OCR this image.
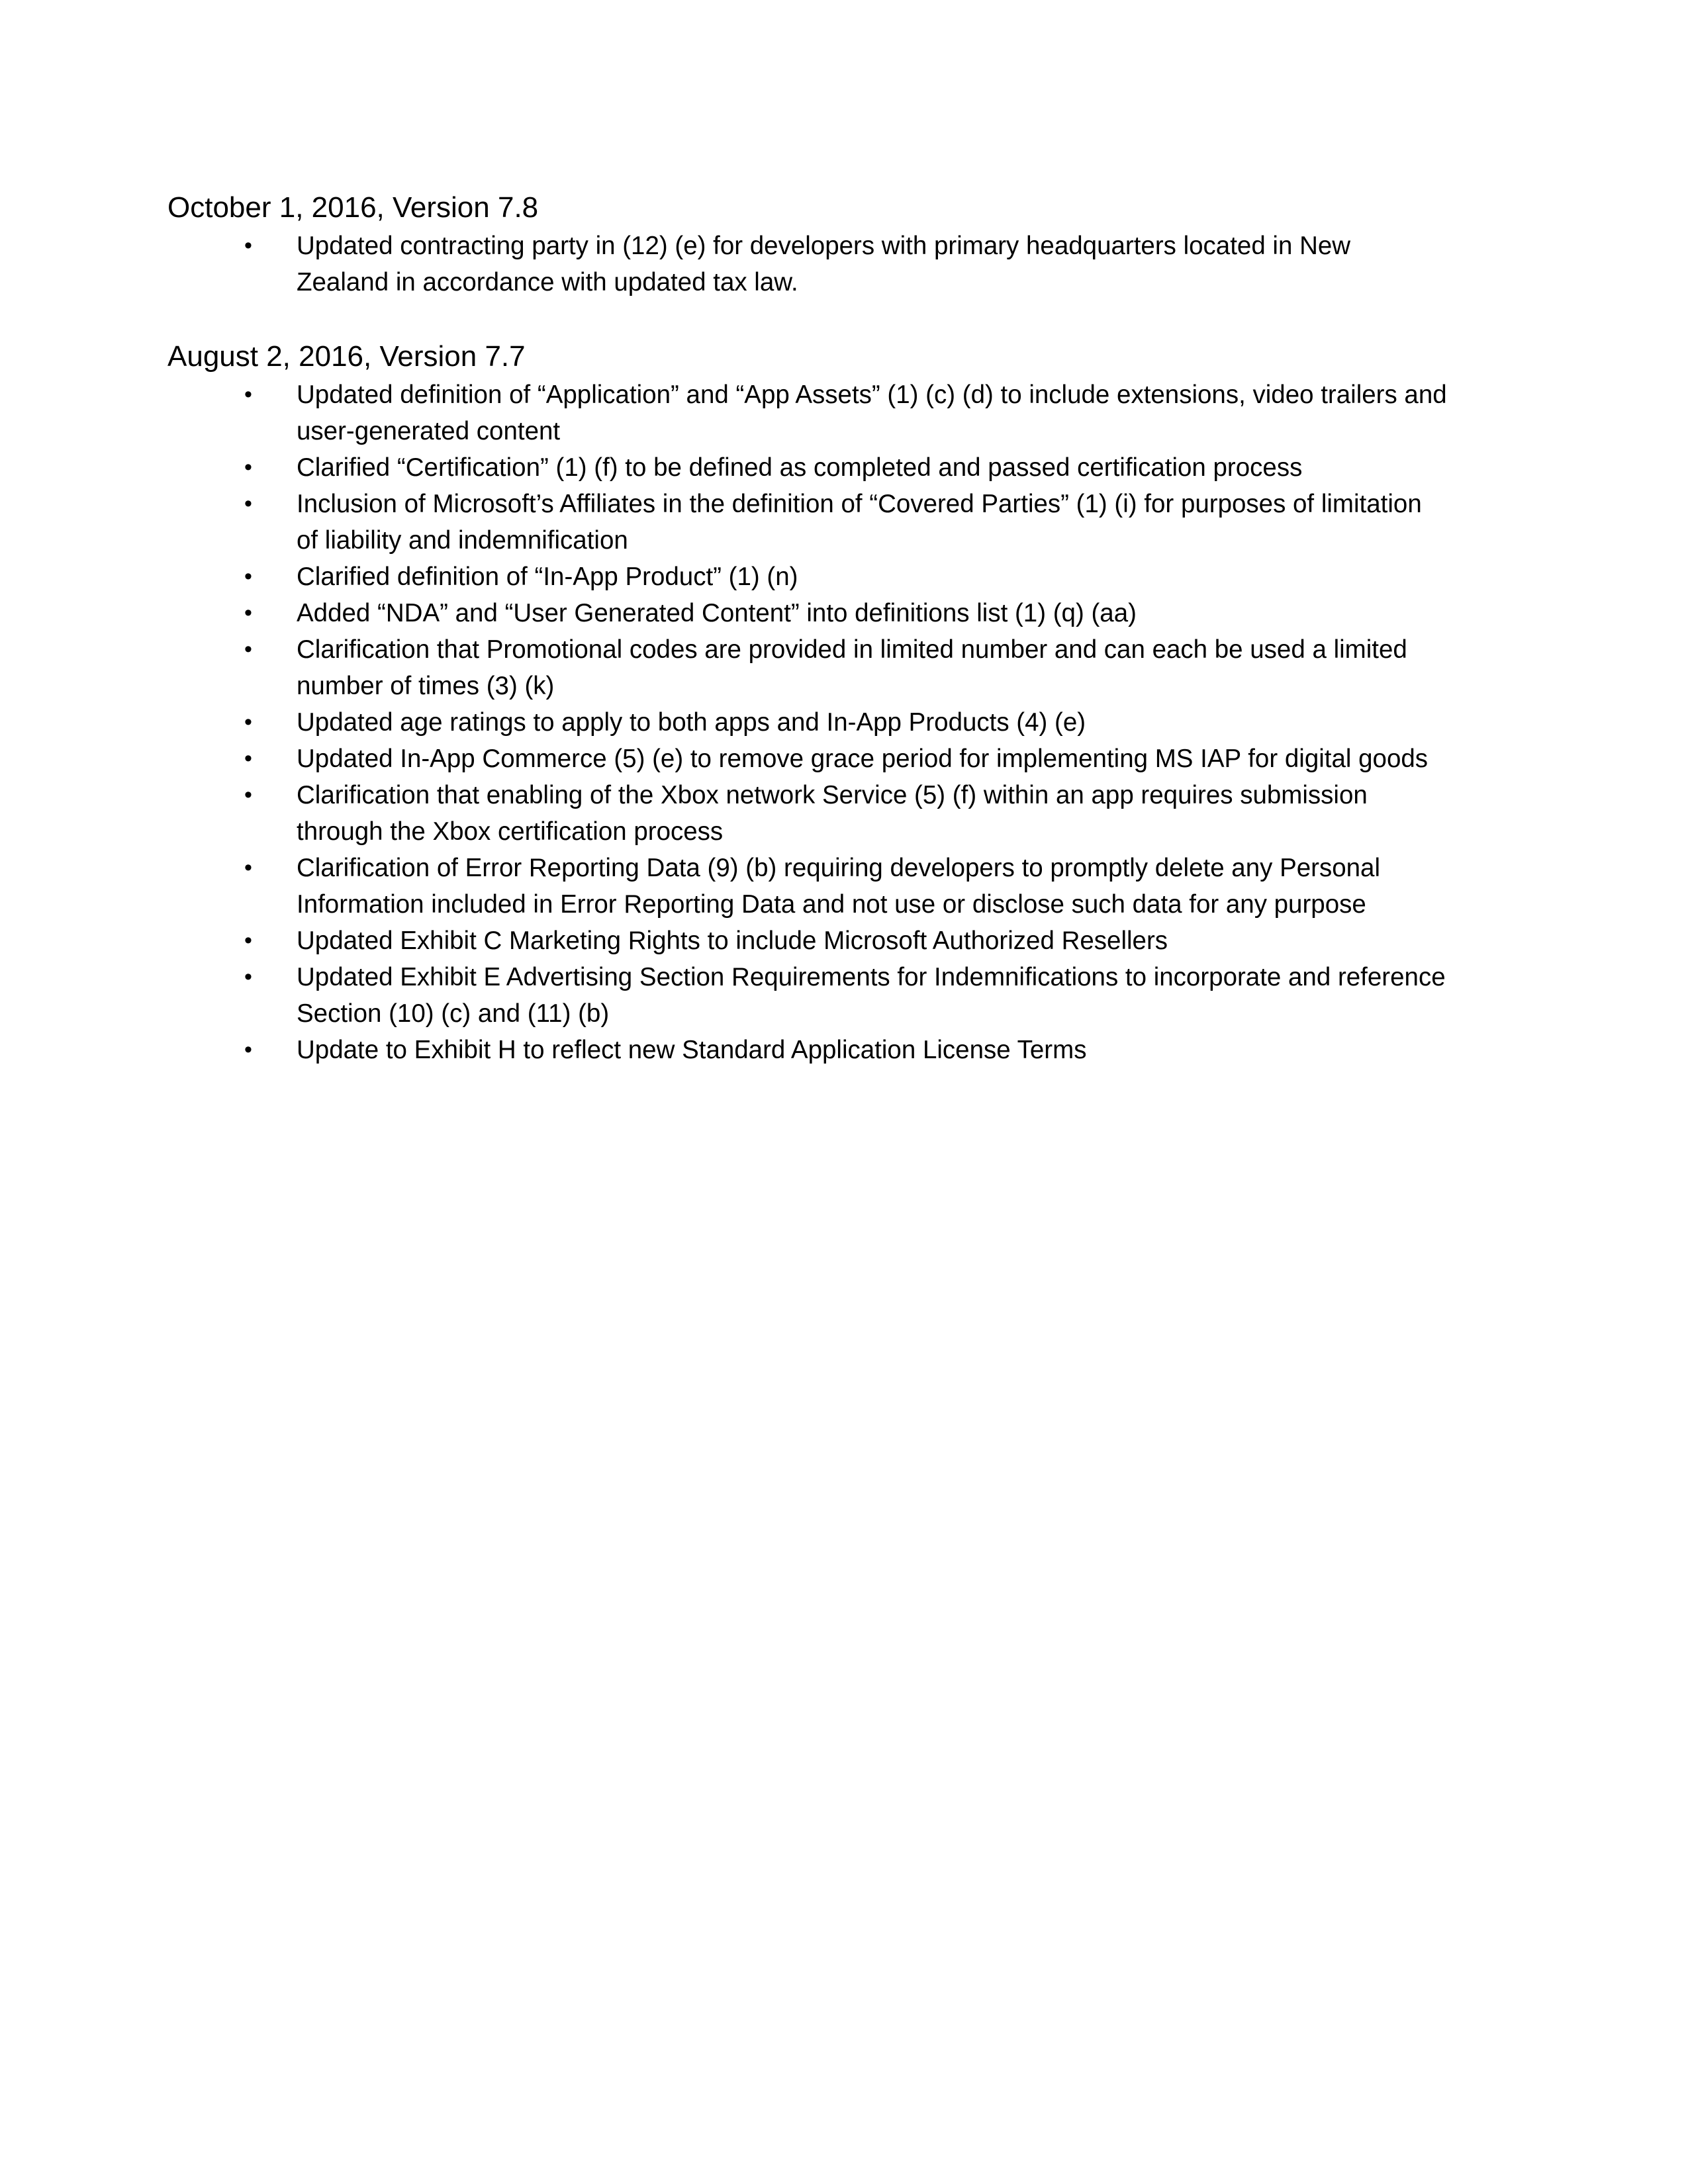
October 1, 2016, Version 7.8
• Updated contracting party in (12) (e) for developers with primary headquarters located in New Zealand in accordance with updated tax law.
August 2, 2016, Version 7.7
• Updated definition of “Application” and “App Assets” (1) (c) (d) to include extensions, video trailers and user-generated content
• Clarified “Certification” (1) (f) to be defined as completed and passed certification process
• Inclusion of Microsoft’s Affiliates in the definition of “Covered Parties” (1) (i) for purposes of limitation of liability and indemnification
• Clarified definition of “In-App Product” (1) (n)
• Added “NDA” and “User Generated Content” into definitions list (1) (q) (aa)
• Clarification that Promotional codes are provided in limited number and can each be used a limited number of times (3) (k)
• Updated age ratings to apply to both apps and In-App Products (4) (e)
• Updated In-App Commerce (5) (e) to remove grace period for implementing MS IAP for digital goods
• Clarification that enabling of the Xbox network Service (5) (f) within an app requires submission through the Xbox certification process
• Clarification of Error Reporting Data (9) (b) requiring developers to promptly delete any Personal Information included in Error Reporting Data and not use or disclose such data for any purpose
• Updated Exhibit C Marketing Rights to include Microsoft Authorized Resellers
• Updated Exhibit E Advertising Section Requirements for Indemnifications to incorporate and reference Section (10) (c) and (11) (b)
• Update to Exhibit H to reflect new Standard Application License Terms
